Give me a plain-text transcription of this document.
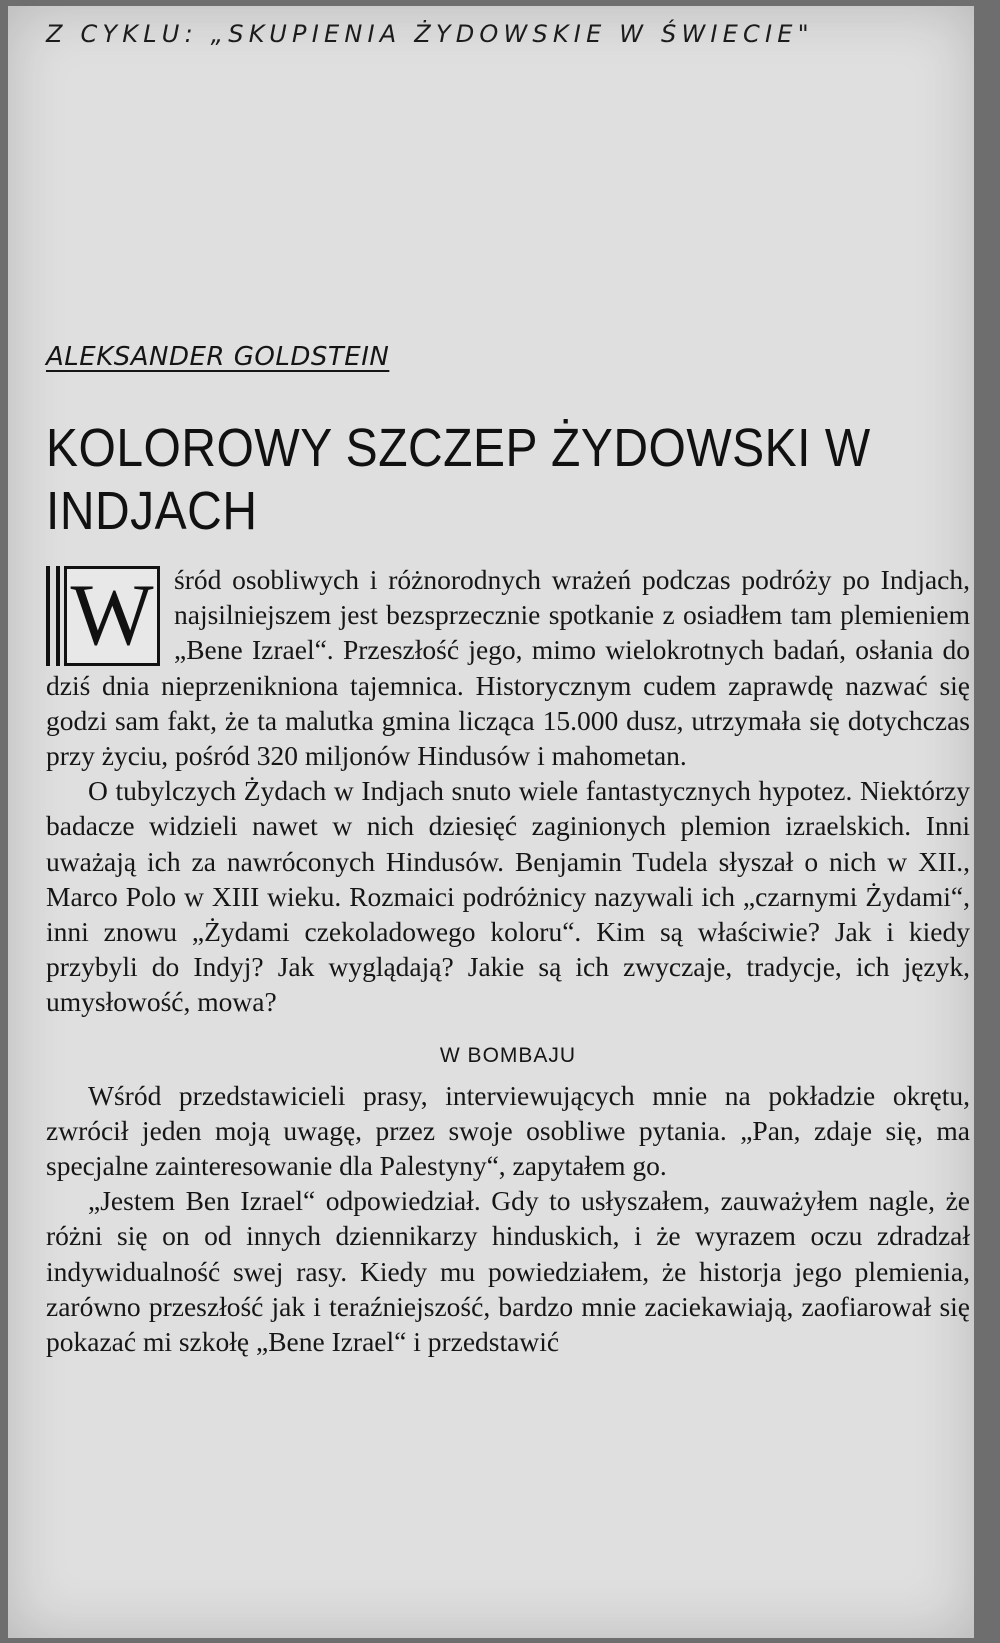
Z CYKLU: „SKUPIENIA ŻYDOWSKIE W ŚWIECIE"
ALEKSANDER GOLDSTEIN
KOLOROWY SZCZEP ŻYDOWSKI W INDJACH

W śród osobliwych i różnorodnych wrażeń podczas podróży po Indjach, najsilniejszem jest bezsprzecznie spotkanie z osiadłem tam plemieniem „Bene Izrael“. Przeszłość jego, mimo wielokrotnych badań, osłania do dziś dnia nieprzenikniona tajemnica. Historycznym cudem zaprawdę nazwać się godzi sam fakt, że ta malutka gmina licząca 15.000 dusz, utrzymała się dotychczas przy życiu, pośród 320 miljonów Hindusów i mahometan.

O tubylczych Żydach w Indjach snuto wiele fantastycznych hypotez. Niektórzy badacze widzieli nawet w nich dziesięć zaginionych plemion izraelskich. Inni uważają ich za nawróconych Hindusów. Benjamin Tudela słyszał o nich w XII., Marco Polo w XIII wieku. Rozmaici podróżnicy nazywali ich „czarnymi Żydami“, inni znowu „Żydami czekoladowego koloru“. Kim są właściwie? Jak i kiedy przybyli do Indyj? Jak wyglądają? Jakie są ich zwyczaje, tradycje, ich język, umysłowość, mowa?

W BOMBAJU

Wśród przedstawicieli prasy, interviewujących mnie na pokładzie okrętu, zwrócił jeden moją uwagę, przez swoje osobliwe pytania. „Pan, zdaje się, ma specjalne zainteresowanie dla Palestyny“, zapytałem go.

„Jestem Ben Izrael“ odpowiedział. Gdy to usłyszałem, zauważyłem nagle, że różni się on od innych dziennikarzy hinduskich, i że wyrazem oczu zdradzał indywidualność swej rasy. Kiedy mu powiedziałem, że historja jego plemienia, zarówno przeszłość jak i teraźniejszość, bardzo mnie zaciekawiają, zaofiarował się pokazać mi szkołę „Bene Izrael“ i przedstawić
